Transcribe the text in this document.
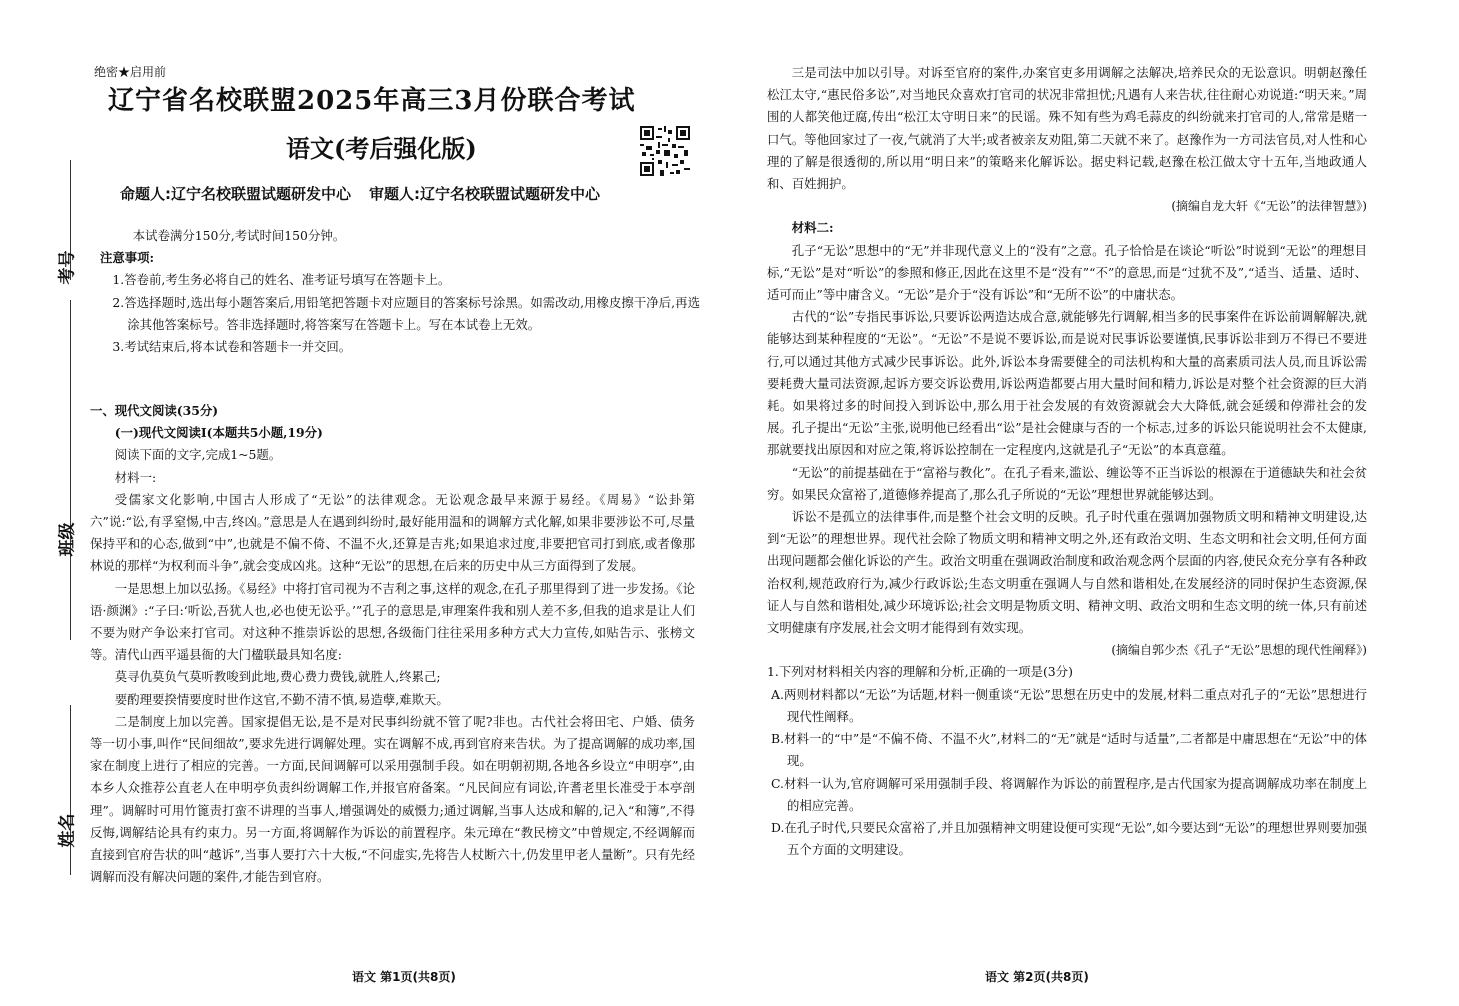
考号
班级
姓名
绝密★启用前
辽宁省名校联盟2025年高三3月份联合考试
语文(考后强化版)
命题人:辽宁名校联盟试题研发中心 审题人:辽宁名校联盟试题研发中心

本试卷满分150分,考试时间150分钟。

注意事项:

1.答卷前,考生务必将自己的姓名、准考证号填写在答题卡上。

2.答选择题时,选出每小题答案后,用铅笔把答题卡对应题目的答案标号涂黑。如需改动,用橡皮擦干净后,再选涂其他答案标号。答非选择题时,将答案写在答题卡上。写在本试卷上无效。

3.考试结束后,将本试卷和答题卡一并交回。

一、现代文阅读(35分)

(一)现代文阅读Ⅰ(本题共5小题,19分)

阅读下面的文字,完成1~5题。

材料一:

受儒家文化影响,中国古人形成了“无讼”的法律观念。无讼观念最早来源于易经。《周易》“讼卦第六”说:“讼,有孚窒惕,中吉,终凶。”意思是人在遇到纠纷时,最好能用温和的调解方式化解,如果非要涉讼不可,尽量保持平和的心态,做到“中”,也就是不偏不倚、不温不火,还算是吉兆;如果追求过度,非要把官司打到底,或者像那林说的那样“为权利而斗争”,就会变成凶兆。这种“无讼”的思想,在后来的历史中从三方面得到了发展。

一是思想上加以弘扬。《易经》中将打官司视为不吉利之事,这样的观念,在孔子那里得到了进一步发扬。《论语·颜渊》:“子曰:‘听讼,吾犹人也,必也使无讼乎。’”孔子的意思是,审理案件我和别人差不多,但我的追求是让人们不要为财产争讼来打官司。对这种不推崇诉讼的思想,各级衙门往往采用多种方式大力宣传,如贴告示、张榜文等。清代山西平遥县衙的大门楹联最具知名度:

莫寻仇莫负气莫听教唆到此地,费心费力费钱,就胜人,终累己;

要酌理要揆情要度时世作这官,不勤不清不慎,易造孽,难欺天。

二是制度上加以完善。国家提倡无讼,是不是对民事纠纷就不管了呢?非也。古代社会将田宅、户婚、债务等一切小事,叫作“民间细故”,要求先进行调解处理。实在调解不成,再到官府来告状。为了提高调解的成功率,国家在制度上进行了相应的完善。一方面,民间调解可以采用强制手段。如在明朝初期,各地各乡设立“申明亭”,由本乡人众推荐公直老人在申明亭负责纠纷调解工作,并报官府备案。“凡民间应有词讼,许耆老里长准受于本亭剖理”。调解时可用竹篦责打蛮不讲理的当事人,增强调处的威慑力;通过调解,当事人达成和解的,记入“和簿”,不得反悔,调解结论具有约束力。另一方面,将调解作为诉讼的前置程序。朱元璋在“教民榜文”中曾规定,不经调解而直接到官府告状的叫“越诉”,当事人要打六十大板,“不问虚实,先将告人杖断六十,仍发里甲老人量断”。只有先经调解而没有解决问题的案件,才能告到官府。

语文 第1页(共8页)

三是司法中加以引导。对诉至官府的案件,办案官吏多用调解之法解决,培养民众的无讼意识。明朝赵豫任松江太守,“惠民俗多讼”,对当地民众喜欢打官司的状况非常担忧;凡遇有人来告状,往往耐心劝说道:“明天来。”周围的人都笑他迂腐,传出“松江太守明日来”的民谣。殊不知有些为鸡毛蒜皮的纠纷就来打官司的人,常常是赌一口气。等他回家过了一夜,气就消了大半;或者被亲友劝阻,第二天就不来了。赵豫作为一方司法官员,对人性和心理的了解是很透彻的,所以用“明日来”的策略来化解诉讼。据史料记载,赵豫在松江做太守十五年,当地政通人和、百姓拥护。

(摘编自龙大轩《“无讼”的法律智慧》)

材料二:

孔子“无讼”思想中的“无”并非现代意义上的“没有”之意。孔子恰恰是在谈论“听讼”时说到“无讼”的理想目标,“无讼”是对“听讼”的参照和修正,因此在这里不是“没有”“不”的意思,而是“过犹不及”,“适当、适量、适时、适可而止”等中庸含义。“无讼”是介于“没有诉讼”和“无所不讼”的中庸状态。

古代的“讼”专指民事诉讼,只要诉讼两造达成合意,就能够先行调解,相当多的民事案件在诉讼前调解解决,就能够达到某种程度的“无讼”。“无讼”不是说不要诉讼,而是说对民事诉讼要谨慎,民事诉讼非到万不得已不要进行,可以通过其他方式减少民事诉讼。此外,诉讼本身需要健全的司法机构和大量的高素质司法人员,而且诉讼需要耗费大量司法资源,起诉方要交诉讼费用,诉讼两造都要占用大量时间和精力,诉讼是对整个社会资源的巨大消耗。如果将过多的时间投入到诉讼中,那么用于社会发展的有效资源就会大大降低,就会延缓和停滞社会的发展。孔子提出“无讼”主张,说明他已经看出“讼”是社会健康与否的一个标志,过多的诉讼只能说明社会不太健康,那就要找出原因和对应之策,将诉讼控制在一定程度内,这就是孔子“无讼”的本真意蕴。

“无讼”的前提基础在于“富裕与教化”。在孔子看来,滥讼、缠讼等不正当诉讼的根源在于道德缺失和社会贫穷。如果民众富裕了,道德修养提高了,那么孔子所说的“无讼”理想世界就能够达到。

诉讼不是孤立的法律事件,而是整个社会文明的反映。孔子时代重在强调加强物质文明和精神文明建设,达到“无讼”的理想世界。现代社会除了物质文明和精神文明之外,还有政治文明、生态文明和社会文明,任何方面出现问题都会催化诉讼的产生。政治文明重在强调政治制度和政治观念两个层面的内容,使民众充分享有各种政治权利,规范政府行为,减少行政诉讼;生态文明重在强调人与自然和谐相处,在发展经济的同时保护生态资源,保证人与自然和谐相处,减少环境诉讼;社会文明是物质文明、精神文明、政治文明和生态文明的统一体,只有前述文明健康有序发展,社会文明才能得到有效实现。

(摘编自郭少杰《孔子“无讼”思想的现代性阐释》)

1.下列对材料相关内容的理解和分析,正确的一项是(3分)

A.两则材料都以“无讼”为话题,材料一侧重谈“无讼”思想在历史中的发展,材料二重点对孔子的“无讼”思想进行现代性阐释。

B.材料一的“中”是“不偏不倚、不温不火”,材料二的“无”就是“适时与适量”,二者都是中庸思想在“无讼”中的体现。

C.材料一认为,官府调解可采用强制手段、将调解作为诉讼的前置程序,是古代国家为提高调解成功率在制度上的相应完善。

D.在孔子时代,只要民众富裕了,并且加强精神文明建设便可实现“无讼”,如今要达到“无讼”的理想世界则要加强五个方面的文明建设。

语文 第2页(共8页)
